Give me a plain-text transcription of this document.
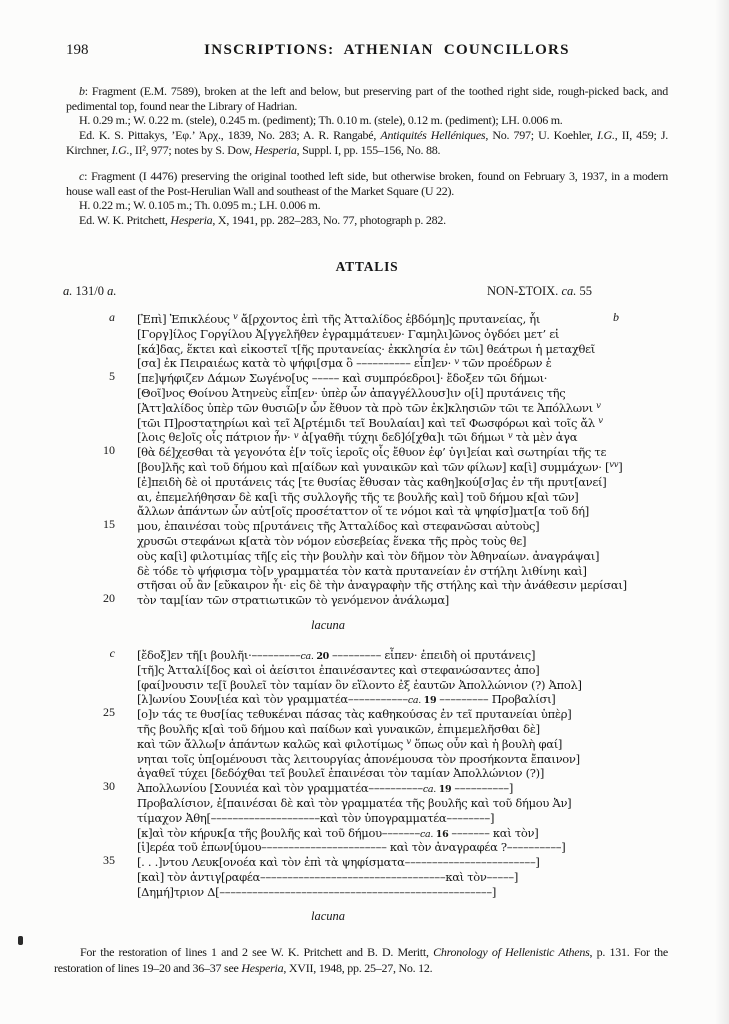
198	INSCRIPTIONS: ATHENIAN COUNCILLORS

b: Fragment (E.M. 7589), broken at the left and below, but preserving part of the toothed right side, rough-picked back, and pedimental top, found near the Library of Hadrian.

H. 0.29 m.; W. 0.22 m. (stele), 0.245 m. (pediment); Th. 0.10 m. (stele), 0.12 m. (pediment); LH. 0.006 m.

Ed. K. S. Pittakys, ’Εφ.’ Ἀρχ., 1839, No. 283; A. R. Rangabé, Antiquités Helléniques, No. 797; U. Koehler, I.G., II, 459; J. Kirchner, I.G., II², 977; notes by S. Dow, Hesperia, Suppl. I, pp. 155–156, No. 88.

c: Fragment (I 4476) preserving the original toothed left side, but otherwise broken, found on February 3, 1937, in a modern house wall east of the Post-Herulian Wall and southeast of the Market Square (U 22).

H. 0.22 m.; W. 0.105 m.; Th. 0.095 m.; LH. 0.006 m.

Ed. W. K. Pritchett, Hesperia, X, 1941, pp. 282–283, No. 77, photograph p. 282.

ATTALIS
a. 131/0 a.	ΝΟΝ-ΣΤΟΙΧ. ca. 55
a [Ἐπὶ] Ἐπικλέους $^v$ ἄ[ρχοντος ἐπὶ τῆς Ἀτταλίδος ἑβδόμη]ς πρυτανείας, ἧι	b
[Γοργ]ίλος Γοργίλου Ἀ[γγελῆθεν ἐγραμμάτευεν· Γαμηλι]ῶνος ὀγδόει μετ’ εἰ
[κά]δας, ἕκτει καὶ εἰκοστεῖ τ[ῆς πρυτανείας· ἐκκλησία ἐν τῶι] θεάτρωι ἡ μεταχθεῖ
[σα] ἐκ Πειραιέως κατὰ τὸ ψήφι[σμα ὃ –––––––––– εἶπ]εν· $^v$ τῶν προέδρων ἐ
5 [πε]ψήφιζεν Δάμων Σωγένο[υς ––––– καὶ συμπρόεδροι]· ἔδοξεν τῶι δήμωι·
[Θοῖ]νος Θοίνου Ἀτηνεὺς εἶπ[εν· ὑπὲρ ὧν ἀπαγγέλλουσ]ιν ο[ἱ] πρυτάνεις τῆς
[Ἀττ]αλίδος ὑπὲρ τῶν θυσιῶ[ν ὧν ἔθυον τὰ πρὸ τῶν ἐκ]κλησιῶν τῶι τε Ἀπόλλωνι $^v$
[τῶι Π]ροστατηρίωι καὶ τεῖ Ἀ[ρτέμιδι τεῖ Βουλαίαι] καὶ τεῖ Φωσφόρωι καὶ τοῖς ἄλ $^v$
[λοις θε]οῖς οἷς πάτριον ἦν· $^v$ ἀ[γαθῆι τύχηι δεδ]ό[χθα]ι τῶι δήμωι $^v$ τὰ μὲν ἀγα
10 [θὰ δέ]χεσθαι τὰ γεγονότα ἐ[ν τοῖς ἱεροῖς οἷς ἔθυον ἐφ’ ὑγι]είαι καὶ σωτηρίαι τῆς τε
[βου]λῆς καὶ τοῦ δήμου καὶ π[αίδων καὶ γυναικῶν καὶ τῶν φίλων] κα[ὶ] συμμάχων· [$^{vv}$]
[ἐ]πειδὴ δὲ οἱ πρυτάνεις τάς [τε θυσίας ἔθυσαν τὰς καθη]κού[σ]ας ἐν τῆι πρυτ[ανεί]
αι, ἐπεμελήθησαν δὲ κα[ὶ τῆς συλλογῆς τῆς τε βουλῆς καὶ] τοῦ δήμου κ[αὶ τῶν]
ἄλλων ἁπάντων ὧν αὐτ[οῖς προσέταττον οἵ τε νόμοι καὶ τὰ ψηφίσ]ματ[α τοῦ δή]
15 μου, ἐπαινέσαι τοὺς π[ρυτάνεις τῆς Ἀτταλίδος καὶ στεφανῶσαι αὐτοὺς]
χρυσῶι στεφάνωι κ[ατὰ τὸν νόμον εὐσεβείας ἕνεκα τῆς πρὸς τοὺς θε]
οὺς κα[ὶ] φιλοτιμίας τῆ[ς εἰς τὴν βουλὴν καὶ τὸν δῆμον τὸν Ἀθηναίων. ἀναγράψαι]
δὲ τόδε τὸ ψήφισμα τὸ[ν γραμματέα τὸν κατὰ πρυτανείαν ἐν στήληι λιθίνηι καὶ]
στῆσαι οὗ ἂν [εὔκαιρον ἦι· εἰς δὲ τὴν ἀναγραφὴν τῆς στήλης καὶ τὴν ἀνάθεσιν μερίσαι]
20 τὸν ταμ[ίαν τῶν στρατιωτικῶν τὸ γενόμενον ἀνάλωμα]
lacuna
c [ἔδοξ]εν τῆ[ι βουλῆι·–––––––––ca. 20 ––––––––– εἶπεν· ἐπειδὴ οἱ πρυτάνεις]
[τῆ]ς Ἀτταλί[δος καὶ οἱ ἀείσιτοι ἐπαινέσαντες καὶ στεφανώσαντες ἀπο]
[φαί]νουσιν τε[ῖ βουλεῖ τὸν ταμίαν ὃν εἵλοντο ἐξ ἑαυτῶν Ἀπολλώνιον (?) Ἀπολ]
[λ]ωνίου Σουν[ιέα καὶ τὸν γραμματέα–––––––––––ca. 19 ––––––––– Προβαλίσι]
25 [ο]ν τάς τε θυσ[ίας τεθυκέναι πάσας τὰς καθηκούσας ἐν τεῖ πρυτανείαι ὑπὲρ]
τῆς βουλῆς κ[αὶ τοῦ δήμου καὶ παίδων καὶ γυναικῶν, ἐπιμεμελῆσθαι δὲ]
καὶ τῶν ἄλλω[ν ἁπάντων καλῶς καὶ φιλοτίμως $^v$ ὅπως οὖν καὶ ἡ βουλὴ φαί]
νηται τοῖς ὑπ[ομένουσι τὰς λειτουργίας ἀπονέμουσα τὸν προσήκοντα ἔπαινον]
ἀγαθεῖ τύχει [δεδόχθαι τεῖ βουλεῖ ἐπαινέσαι τὸν ταμίαν Ἀπολλώνιον (?)]
30 Ἀπολλωνίου [Σουνιέα καὶ τὸν γραμματέα––––––––––ca. 19 ––––––––––]
Προβαλίσιον, ἐ[παινέσαι δὲ καὶ τὸν γραμματέα τῆς βουλῆς καὶ τοῦ δήμου Ἀν]
τίμαχον Ἀθη[––––––––––––––––––––καὶ τὸν ὑπογραμματέα––––––––]
[κ]αὶ τὸν κήρυκ[α τῆς βουλῆς καὶ τοῦ δήμου–––––––ca. 16 ––––––– καὶ τὸν]
[ἱ]ερέα τοῦ ἐπων[ύμου––––––––––––––––––––––– καὶ τὸν ἀναγραφέα ?––––––––––]
35 [. . .]ντου Λευκ[ονοέα καὶ τὸν ἐπὶ τὰ ψηφίσματα––––––––––––––––––––––––]
[καὶ] τὸν ἀντιγ[ραφέα––––––––––––––––––––––––––––––––––καὶ τὸν–––––]
[Δημή]τριον Δ[––––––––––––––––––––––––––––––––––––––––––––––––––]
lacuna

For the restoration of lines 1 and 2 see W. K. Pritchett and B. D. Meritt, Chronology of Hellenistic Athens, p. 131. For the restoration of lines 19–20 and 36–37 see Hesperia, XVII, 1948, pp. 25–27, No. 12.
